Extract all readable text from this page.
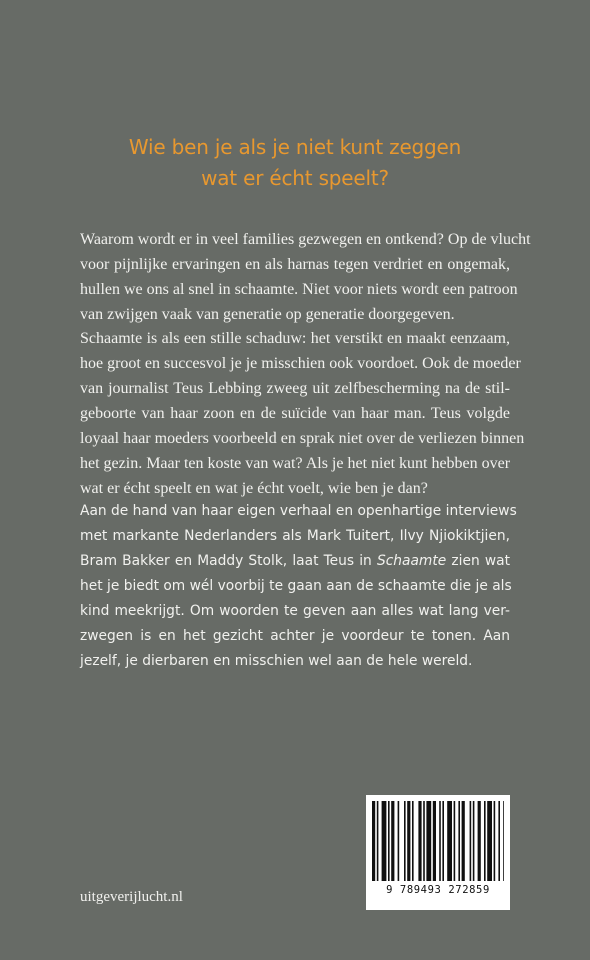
Wie ben je als je niet kunt zeggen
wat er écht speelt?

Waarom wordt er in veel families gezwegen en ontkend? Op de vlucht
voor pijnlijke ervaringen en als harnas tegen verdriet en ongemak,
hullen we ons al snel in schaamte. Niet voor niets wordt een patroon
van zwijgen vaak van generatie op generatie doorgegeven.

Schaamte is als een stille schaduw: het verstikt en maakt eenzaam,
hoe groot en succesvol je je misschien ook voordoet. Ook de moeder
van journalist Teus Lebbing zweeg uit zelfbescherming na de stil-
geboorte van haar zoon en de suïcide van haar man. Teus volgde
loyaal haar moeders voorbeeld en sprak niet over de verliezen binnen
het gezin. Maar ten koste van wat? Als je het niet kunt hebben over
wat er écht speelt en wat je écht voelt, wie ben je dan?

Aan de hand van haar eigen verhaal en openhartige interviews
met markante Nederlanders als Mark Tuitert, Ilvy Njiokiktjien,
Bram Bakker en Maddy Stolk, laat Teus in Schaamte zien wat
het je biedt om wél voorbij te gaan aan de schaamte die je als
kind meekrijgt. Om woorden te geven aan alles wat lang ver-
zwegen is en het gezicht achter je voordeur te tonen. Aan
jezelf, je dierbaren en misschien wel aan de hele wereld.

uitgeverijlucht.nl	9 789493 272859
